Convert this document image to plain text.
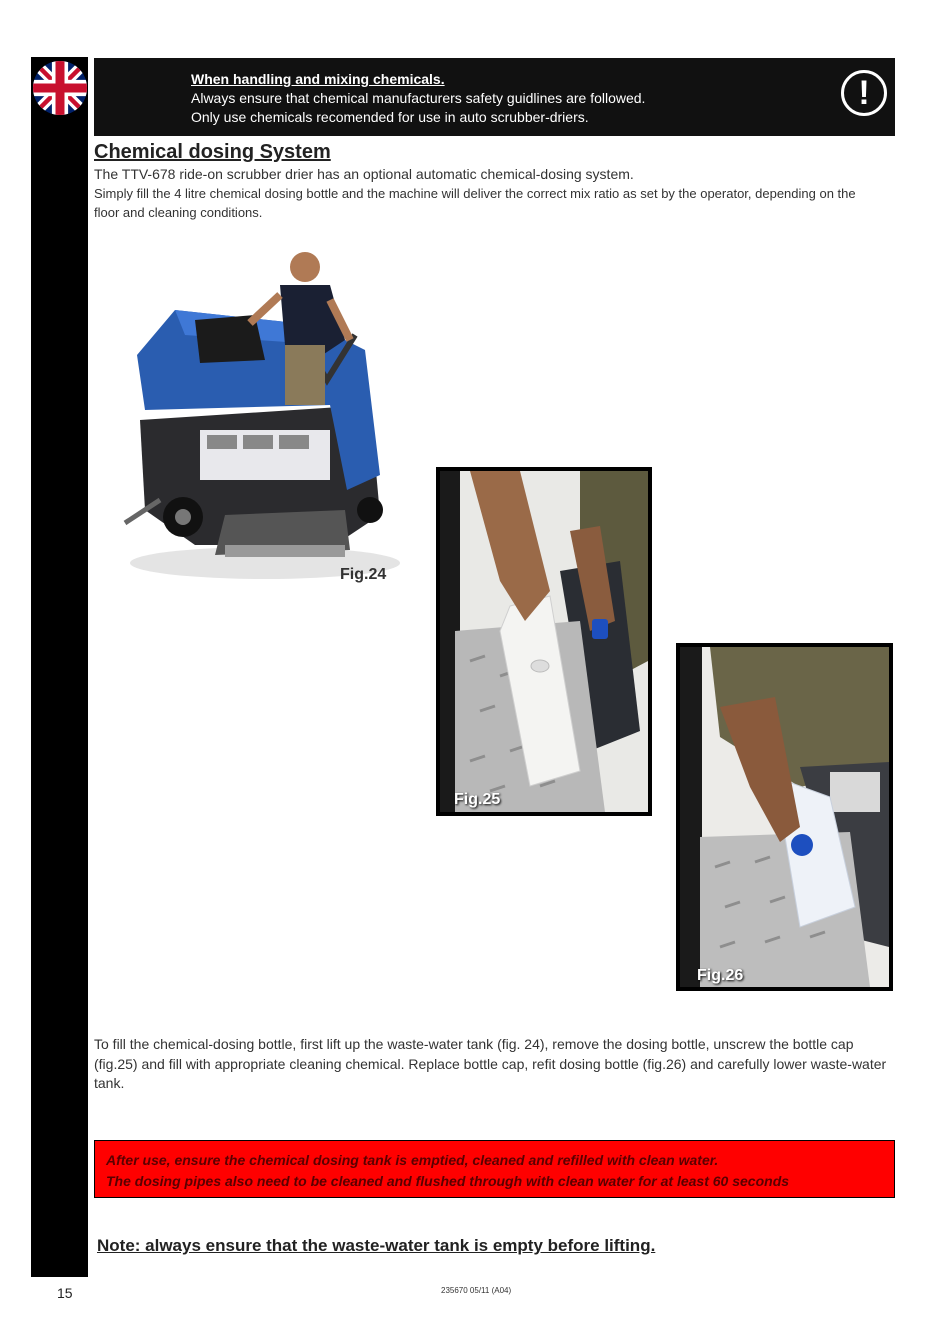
When handling and mixing chemicals.
Always ensure that chemical manufacturers safety guidlines are followed.
Only use chemicals recomended for use in auto scrubber-driers.
!
Chemical dosing System

The TTV-678 ride-on scrubber drier has an optional automatic chemical-dosing system.

Simply fill the 4 litre chemical dosing bottle and the machine will deliver the correct mix ratio as set by the operator, depending on the floor and cleaning conditions.

Fig.24
Fig.25
Fig.26
To fill the chemical-dosing bottle, first lift up the waste-water tank (fig. 24), remove the dosing bottle, unscrew the bottle cap (fig.25) and fill with appropriate cleaning chemical. Replace bottle cap, refit dosing bottle (fig.26) and carefully lower waste-water tank.
After use, ensure the chemical dosing tank is emptied, cleaned and refilled with clean water.
The dosing pipes also need to be cleaned and flushed through with clean water for at least 60 seconds
Note: always ensure that the waste-water tank is empty before lifting.
15	235670 05/11 (A04)
